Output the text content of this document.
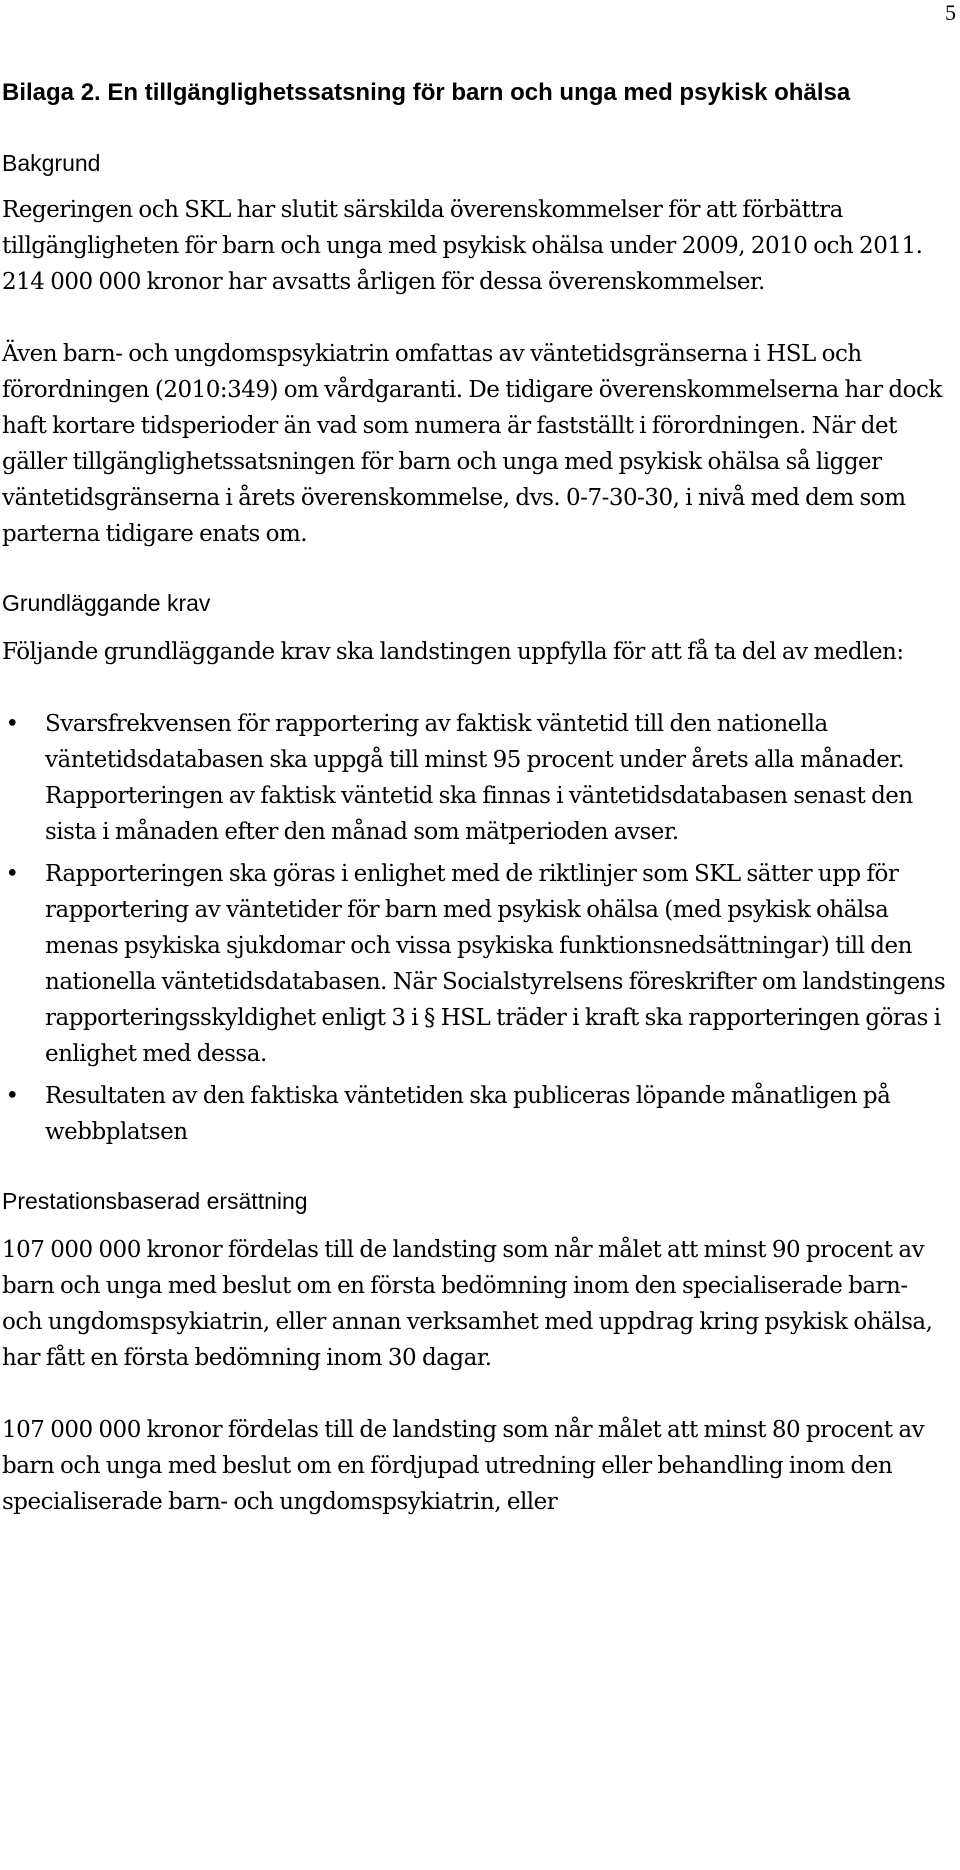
5
Bilaga 2. En tillgänglighetssatsning för barn och unga med psykisk ohälsa
Bakgrund

Regeringen och SKL har slutit särskilda överenskommelser för att förbättra tillgängligheten för barn och unga med psykisk ohälsa under 2009, 2010 och 2011. 214 000 000 kronor har avsatts årligen för dessa överenskommelser.

Även barn- och ungdomspsykiatrin omfattas av väntetidsgränserna i HSL och förordningen (2010:349) om vårdgaranti. De tidigare överenskommelserna har dock haft kortare tidsperioder än vad som numera är fastställt i förordningen. När det gäller tillgänglighetssatsningen för barn och unga med psykisk ohälsa så ligger väntetidsgränserna i årets överenskommelse, dvs. 0-7-30-30, i nivå med dem som parterna tidigare enats om.

Grundläggande krav

Följande grundläggande krav ska landstingen uppfylla för att få ta del av medlen:

• Svarsfrekvensen för rapportering av faktisk väntetid till den nationella väntetidsdatabasen ska uppgå till minst 95 procent under årets alla månader. Rapporteringen av faktisk väntetid ska finnas i väntetidsdatabasen senast den sista i månaden efter den månad som mätperioden avser.
• Rapporteringen ska göras i enlighet med de riktlinjer som SKL sätter upp för rapportering av väntetider för barn med psykisk ohälsa (med psykisk ohälsa menas psykiska sjukdomar och vissa psykiska funktionsnedsättningar) till den nationella väntetidsdatabasen. När Socialstyrelsens föreskrifter om landstingens rapporteringsskyldighet enligt 3 i § HSL träder i kraft ska rapporteringen göras i enlighet med dessa.
• Resultaten av den faktiska väntetiden ska publiceras löpande månatligen på webbplatsen
Prestationsbaserad ersättning

107 000 000 kronor fördelas till de landsting som når målet att minst 90 procent av barn och unga med beslut om en första bedömning inom den specialiserade barn- och ungdomspsykiatrin, eller annan verksamhet med uppdrag kring psykisk ohälsa, har fått en första bedömning inom 30 dagar.

107 000 000 kronor fördelas till de landsting som når målet att minst 80 procent av barn och unga med beslut om en fördjupad utredning eller behandling inom den specialiserade barn- och ungdomspsykiatrin, eller
